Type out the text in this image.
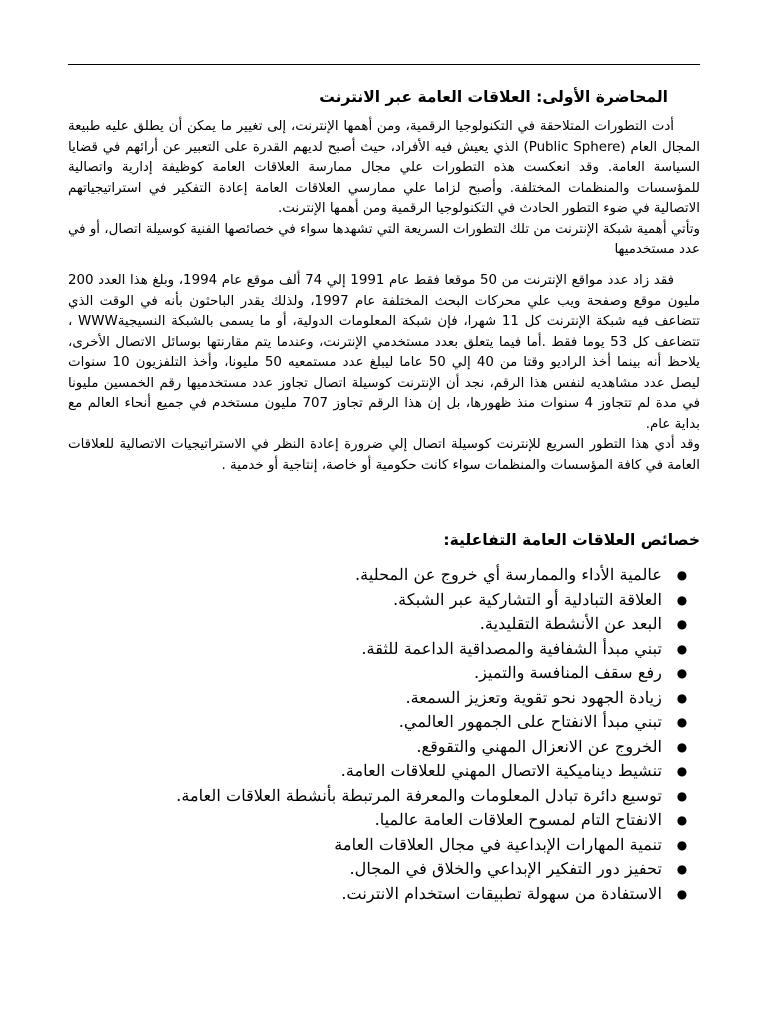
المحاضرة الأولى: العلاقات العامة عبر الانترنت

أدت التطورات المتلاحقة في التكنولوجيا الرقمية، ومن أهمها الإنترنت، إلى تغيير ما يمكن أن يطلق عليه طبيعة المجال العام (Public Sphere) الذي يعيش فيه الأفراد، حيث أصبح لديهم القدرة على التعبير عن أرائهم في قضايا السياسة العامة. وقد انعكست هذه التطورات علي مجال ممارسة العلاقات العامة كوظيفة إدارية واتصالية للمؤسسات والمنظمات المختلفة. وأصبح لزاما علي ممارسي العلاقات العامة إعادة التفكير في استراتيجياتهم الاتصالية في ضوء التطور الحادث في التكنولوجيا الرقمية ومن أهمها الإنترنت.

وتأتي أهمية شبكة الإنترنت من تلك التطورات السريعة التي تشهدها سواء في خصائصها الفنية كوسيلة اتصال، أو في عدد مستخدميها

فقد زاد عدد مواقع الإنترنت من 50 موقعا فقط عام 1991 إلي 74 ألف موقع عام 1994، وبلغ هذا العدد 200 مليون موقع وصفحة ويب علي محركات البحث المختلفة عام 1997، ولذلك يقدر الباحثون بأنه في الوقت الذي تتضاعف فيه شبكة الإنترنت كل 11 شهرا، فإن شبكة المعلومات الدولية، أو ما يسمى بالشبكة النسيجيةWWW ، تتضاعف كل 53 يوما فقط .أما فيما يتعلق بعدد مستخدمي الإنترنت، وعندما يتم مقارنتها بوسائل الاتصال الأخرى، يلاحظ أنه بينما أخذ الراديو وقتا من 40 إلي 50 عاما ليبلغ عدد مستمعيه 50 مليونا، وأخذ التلفزيون 10 سنوات ليصل عدد مشاهديه لنفس هذا الرقم، نجد أن الإنترنت كوسيلة اتصال تجاوز عدد مستخدميها رقم الخمسين مليونا في مدة لم تتجاوز 4 سنوات منذ ظهورها، بل إن هذا الرقم تجاوز 707 مليون مستخدم في جميع أنحاء العالم مع بداية عام.

وقد أدي هذا التطور السريع للإنترنت كوسيلة اتصال إلي ضرورة إعادة النظر في الاستراتيجيات الاتصالية للعلاقات العامة في كافة المؤسسات والمنظمات سواء كانت حكومية أو خاصة، إنتاجية أو خدمية .

خصائص العلاقات العامة التفاعلية:
●
عالمية الأداء والممارسة أي خروج عن المحلية.
●
العلاقة التبادلية أو التشاركية عبر الشبكة.
●
البعد عن الأنشطة التقليدية.
●
تبني مبدأ الشفافية والمصداقية الداعمة للثقة.
●
رفع سقف المنافسة والتميز.
●
زيادة الجهود نحو تقوية وتعزيز السمعة.
●
تبني مبدأ الانفتاح على الجمهور العالمي.
●
الخروج عن الانعزال المهني والتقوقع.
●
تنشيط ديناميكية الاتصال المهني للعلاقات العامة.
●
توسيع دائرة تبادل المعلومات والمعرفة المرتبطة بأنشطة العلاقات العامة.
●
الانفتاح التام لمسوح العلاقات العامة عالميا.
●
تنمية المهارات الإبداعية في مجال العلاقات العامة
●
تحفيز دور التفكير الإبداعي والخلاق في المجال.
●
الاستفادة من سهولة تطبيقات استخدام الانترنت.
